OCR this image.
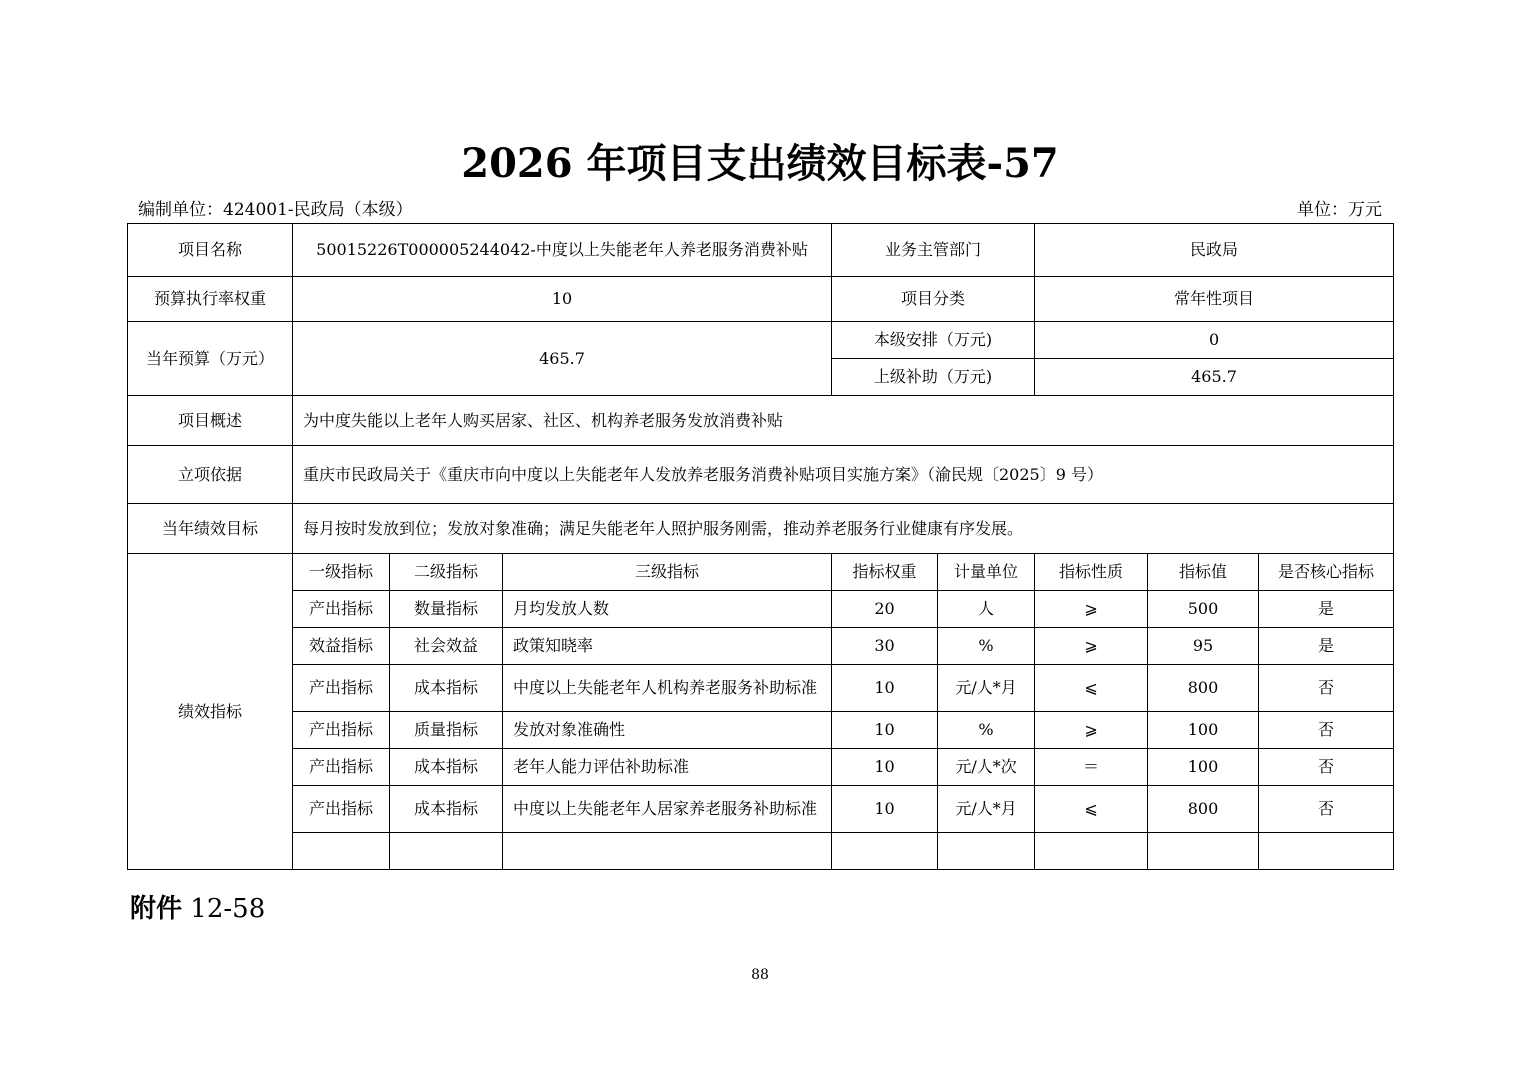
2026 年项目支出绩效目标表-57
编制单位：424001-民政局（本级）	单位：万元
项目名称	50015226T000005244042-中度以上失能老年人养老服务消费补贴			业务主管部门		民政局		
预算执行率权重	10			项目分类		常年性项目		
当年预算（万元）	465.7			本级安排（万元)		0		
				上级补助（万元)		465.7		
项目概述	为中度失能以上老年人购买居家、社区、机构养老服务发放消费补贴							
立项依据	重庆市民政局关于《重庆市向中度以上失能老年人发放养老服务消费补贴项目实施方案》（渝民规〔2025〕9 号）							
当年绩效目标	每月按时发放到位；发放对象准确；满足失能老年人照护服务刚需，推动养老服务行业健康有序发展。							
绩效指标	一级指标	二级指标	三级指标	指标权重	计量单位	指标性质	指标值	是否核心指标
	产出指标	数量指标	月均发放人数	20	人	⩾	500	是
	效益指标	社会效益	政策知晓率	30	%	⩾	95	是
	产出指标	成本指标	中度以上失能老年人机构养老服务补助标准	10	元/人*月	⩽	800	否
	产出指标	质量指标	发放对象准确性	10	%	⩾	100	否
	产出指标	成本指标	老年人能力评估补助标准	10	元/人*次	＝	100	否
	产出指标	成本指标	中度以上失能老年人居家养老服务补助标准	10	元/人*月	⩽	800	否

附件 12-58
88
